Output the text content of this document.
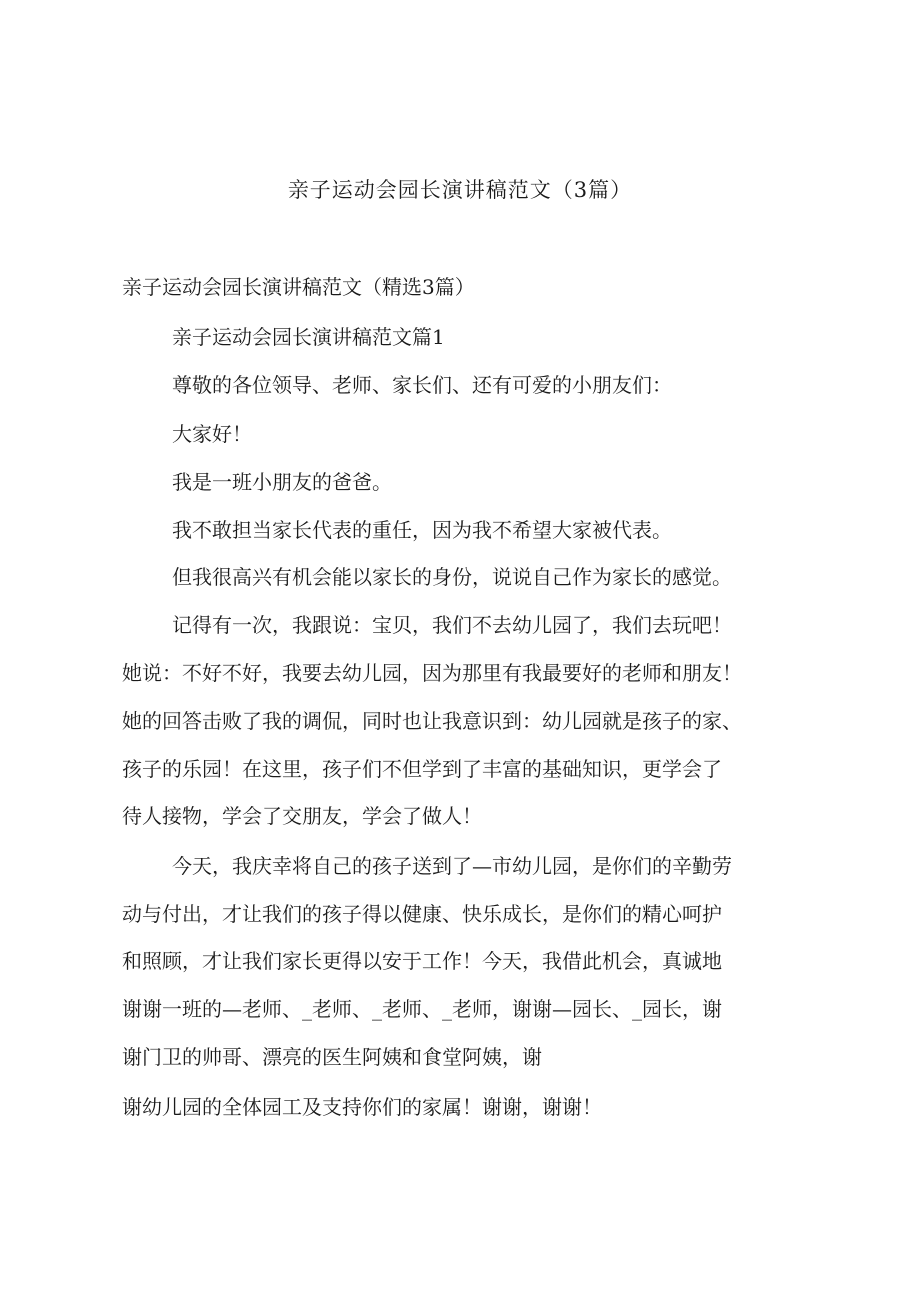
亲子运动会园长演讲稿范文（3篇）
亲子运动会园长演讲稿范文（精选3篇）
亲子运动会园长演讲稿范文篇1
尊敬的各位领导、老师、家长们、还有可爱的小朋友们：
大家好！
我是一班小朋友的爸爸。
我不敢担当家长代表的重任，因为我不希望大家被代表。
但我很高兴有机会能以家长的身份，说说自己作为家长的感觉。
记得有一次，我跟说：宝贝，我们不去幼儿园了，我们去玩吧！
她说：不好不好，我要去幼儿园，因为那里有我最要好的老师和朋友！
她的回答击败了我的调侃，同时也让我意识到：幼儿园就是孩子的家、
孩子的乐园！在这里，孩子们不但学到了丰富的基础知识，更学会了
待人接物，学会了交朋友，学会了做人！
今天，我庆幸将自己的孩子送到了—市幼儿园，是你们的辛勤劳
动与付出，才让我们的孩子得以健康、快乐成长，是你们的精心呵护
和照顾，才让我们家长更得以安于工作！今天，我借此机会，真诚地
谢谢一班的—老师、_老师、_老师、_老师，谢谢—园长、_园长，谢
谢门卫的帅哥、漂亮的医生阿姨和食堂阿姨，谢
谢幼儿园的全体园工及支持你们的家属！谢谢，谢谢！
